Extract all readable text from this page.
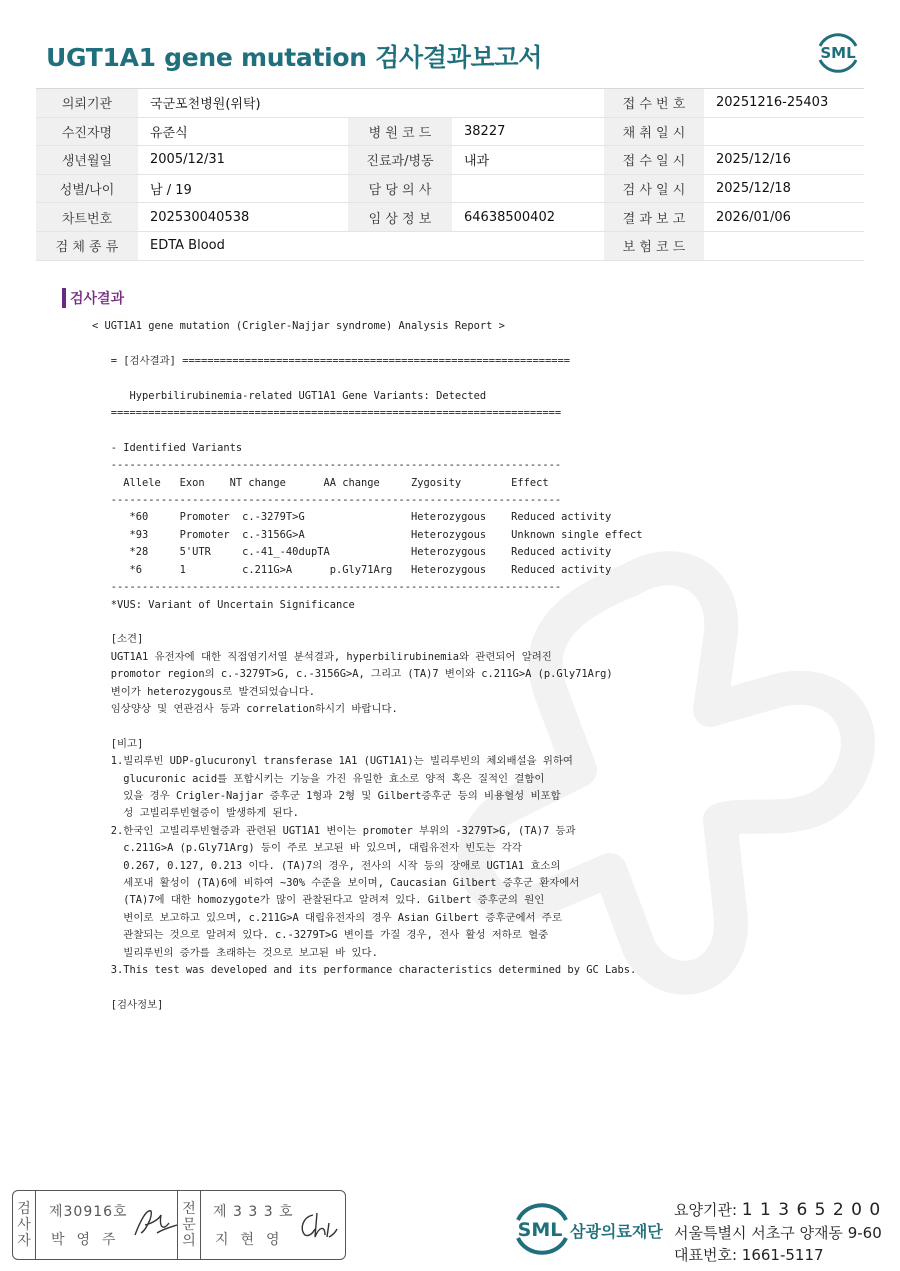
UGT1A1 gene mutation 검사결과보고서	SML
의뢰기관	국군포천병원(위탁)			접 수 번 호	20251216-25403
수진자명	유준식	병 원 코 드	38227	채 취 일 시	
생년월일	2005/12/31	진료과/병동	내과	접 수 일 시	2025/12/16
성별/나이	남 / 19	담 당 의 사		검 사 일 시	2025/12/18
차트번호	202530040538	임 상 정 보	64638500402	결 과 보 고	2026/01/06
검 체 종 류	EDTA Blood			보 험 코 드	
검사결과
< UGT1A1 gene mutation (Crigler-Najjar syndrome) Analysis Report >

= [검사결과] ==============================================================

Hyperbilirubinemia-related UGT1A1 Gene Variants: Detected
========================================================================

- Identified Variants
------------------------------------------------------------------------
Allele   Exon    NT change      AA change     Zygosity        Effect
------------------------------------------------------------------------
*60     Promoter  c.-3279T>G                 Heterozygous    Reduced activity
*93     Promoter  c.-3156G>A                 Heterozygous    Unknown single effect
*28     5'UTR     c.-41_-40dupTA             Heterozygous    Reduced activity
*6      1         c.211G>A      p.Gly71Arg   Heterozygous    Reduced activity
------------------------------------------------------------------------
*VUS: Variant of Uncertain Significance

[소견]
UGT1A1 유전자에 대한 직접염기서열 분석결과, hyperbilirubinemia와 관련되어 알려진
promotor region의 c.-3279T>G, c.-3156G>A, 그리고 (TA)7 변이와 c.211G>A (p.Gly71Arg)
변이가 heterozygous로 발견되었습니다.
임상양상 및 연관검사 등과 correlation하시기 바랍니다.

[비고]
1.빌리루빈 UDP-glucuronyl transferase 1A1 (UGT1A1)는 빌리루빈의 체외배설을 위하여
glucuronic acid를 포합시키는 기능을 가진 유일한 효소로 양적 혹은 질적인 결함이
있을 경우 Crigler-Najjar 증후군 1형과 2형 및 Gilbert증후군 등의 비용혈성 비포합
성 고빌리루빈혈증이 발생하게 된다.
2.한국인 고빌리루빈혈증과 관련된 UGT1A1 변이는 promoter 부위의 -3279T>G, (TA)7 등과
c.211G>A (p.Gly71Arg) 등이 주로 보고된 바 있으며, 대립유전자 빈도는 각각
0.267, 0.127, 0.213 이다. (TA)7의 경우, 전사의 시작 등의 장애로 UGT1A1 효소의
세포내 활성이 (TA)6에 비하여 ~30% 수준을 보이며, Caucasian Gilbert 증후군 환자에서
(TA)7에 대한 homozygote가 많이 관찰된다고 알려져 있다. Gilbert 증후군의 원인
변이로 보고하고 있으며, c.211G>A 대립유전자의 경우 Asian Gilbert 증후군에서 주로
관찰되는 것으로 알려져 있다. c.-3279T>G 변이를 가질 경우, 전사 활성 저하로 혈중
빌리루빈의 증가를 초래하는 것으로 보고된 바 있다.
3.This test was developed and its performance characteristics determined by GC Labs.

[검사정보]
검
사
자
제30916호
박영주
전
문
의
제 3 3 3 호
지현영	SML 삼광의료재단
요양기관: 1 1 3 6 5 2 0 0
서울특별시 서초구 양재동 9-60
대표번호: 1661-5117
